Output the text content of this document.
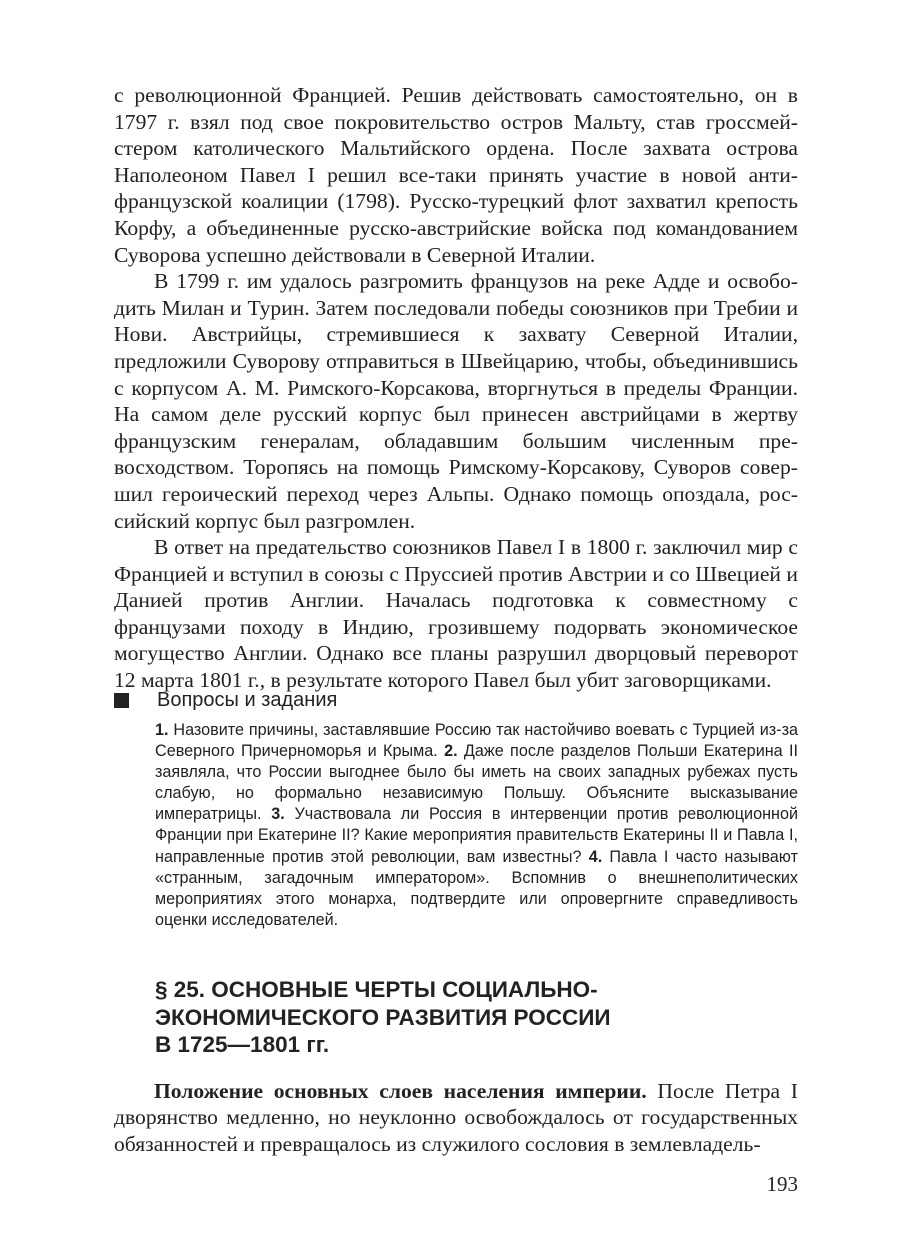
с революционной Францией. Решив действовать самостоятельно, он в 1797 г. взял под свое покровительство остров Мальту, став гроссмейстером католического Мальтийского ордена. После захвата острова Наполеоном Павел I решил все-таки принять участие в новой антифранцузской коалиции (1798). Русско-турецкий флот захватил крепость Корфу, а объединенные русско-австрийские войска под командованием Суворова успешно действовали в Северной Италии.

В 1799 г. им удалось разгромить французов на реке Адде и освободить Милан и Турин. Затем последовали победы союзников при Требии и Нови. Австрийцы, стремившиеся к захвату Северной Италии, предложили Суворову отправиться в Швейцарию, чтобы, объединившись с корпусом А. М. Римского-Корсакова, вторгнуться в пределы Франции. На самом деле русский корпус был принесен австрийцами в жертву французским генералам, обладавшим большим численным превосходством. Торопясь на помощь Римскому-Корсакову, Суворов совершил героический переход через Альпы. Однако помощь опоздала, российский корпус был разгромлен.

В ответ на предательство союзников Павел I в 1800 г. заключил мир с Францией и вступил в союзы с Пруссией против Австрии и со Швецией и Данией против Англии. Началась подготовка к совместному с французами походу в Индию, грозившему подорвать экономическое могущество Англии. Однако все планы разрушил дворцовый переворот 12 марта 1801 г., в результате которого Павел был убит заговорщиками.

Вопросы и задания

1. Назовите причины, заставлявшие Россию так настойчиво воевать с Турцией из-за Северного Причерноморья и Крыма. 2. Даже после разделов Польши Екатерина II заявляла, что России выгоднее было бы иметь на своих западных рубежах пусть слабую, но формально независимую Польшу. Объясните высказывание императрицы. 3. Участвовала ли Россия в интервенции против революционной Франции при Екатерине II? Какие мероприятия правительств Екатерины II и Павла I, направленные против этой революции, вам известны? 4. Павла I часто называют «странным, загадочным императором». Вспомнив о внешнеполитических мероприятиях этого монарха, подтвердите или опровергните справедливость оценки исследователей.

§ 25. ОСНОВНЫЕ ЧЕРТЫ СОЦИАЛЬНО-
ЭКОНОМИЧЕСКОГО РАЗВИТИЯ РОССИИ
В 1725—1801 гг.

Положение основных слоев населения империи. После Петра I дворянство медленно, но неуклонно освобождалось от государственных обязанностей и превращалось из служилого сословия в землевладель-

193
